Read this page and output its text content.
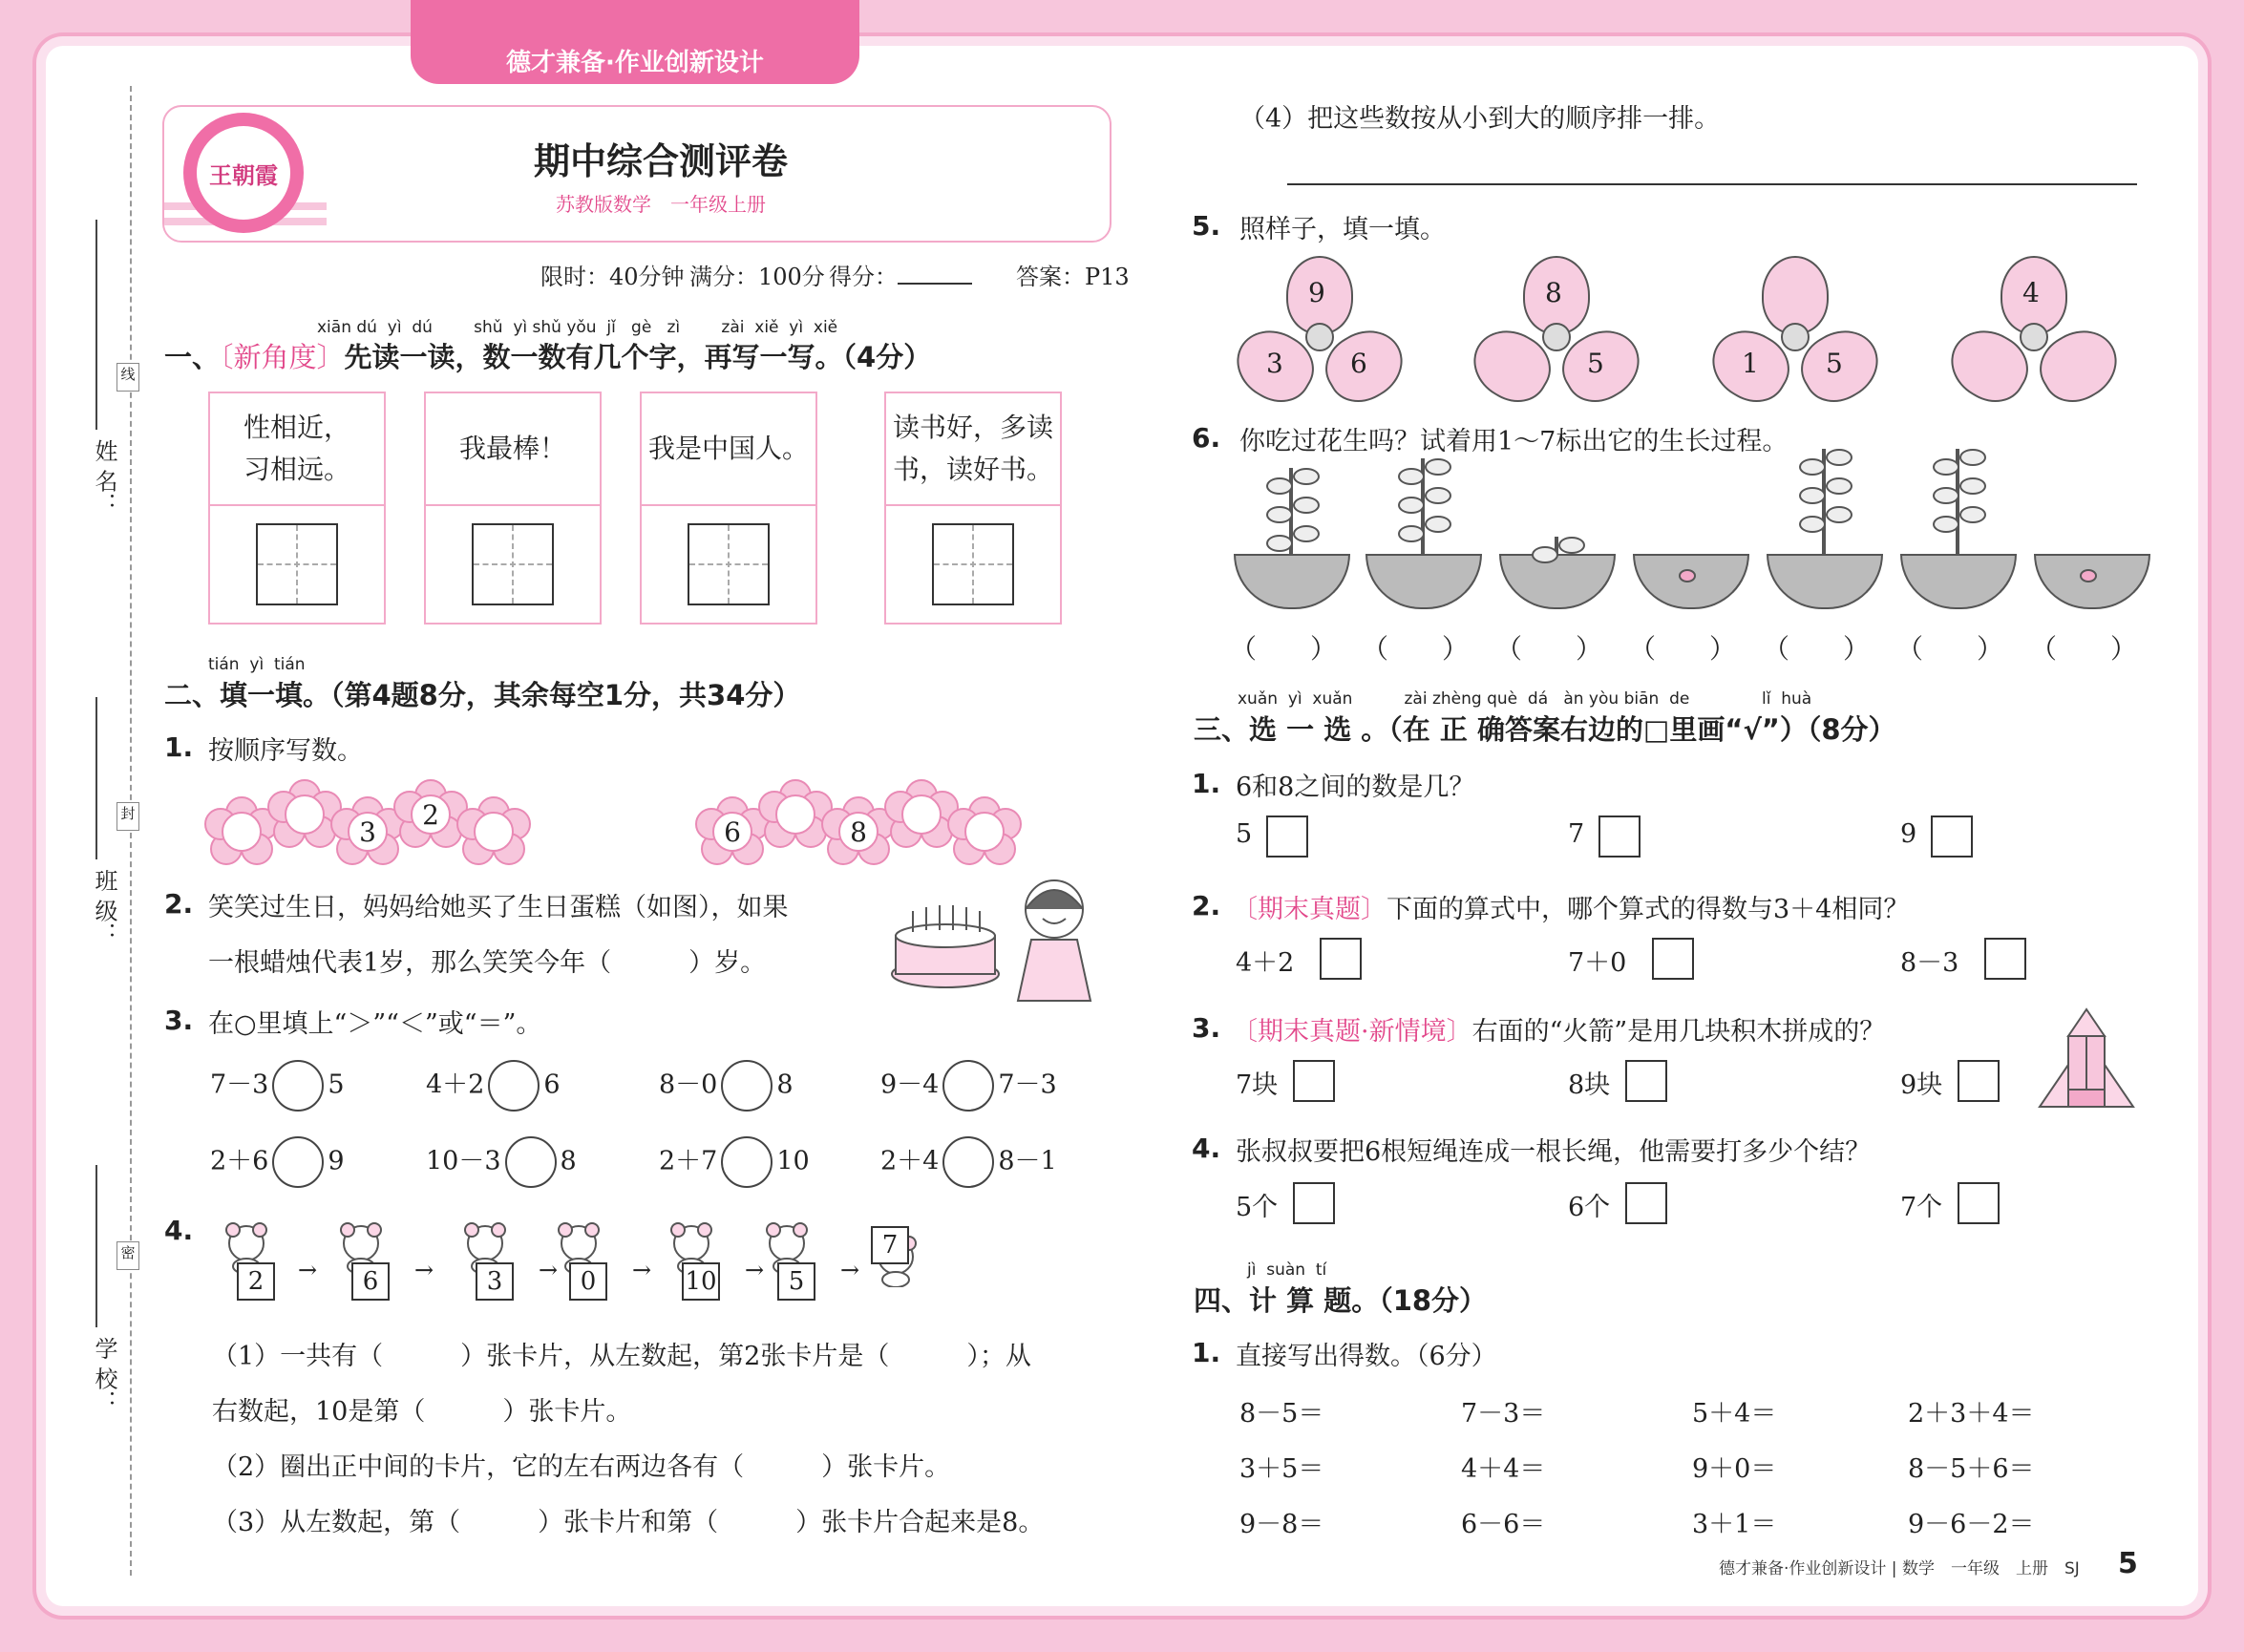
德才兼备·作业创新设计
姓 名：
班 级：
学 校：
线
封
密
王朝霞	期中综合测评卷
苏教版数学　一年级上册
限时：40分钟 满分：100分 得分：	答案：P13
xiān dú  yì  dú        shǔ  yì shǔ yǒu  jǐ   gè   zì        zài  xiě  yì  xiě
一、〔新角度〕先读一读，数一数有几个字，再写一写。（4分）
性相近，
习相远。
我最棒！	我是中国人。
读书好，多读
书，读好书。
tián  yì  tián
二、填一填。（第4题8分，其余每空1分，共34分）
1. 按顺序写数。
2. 笑笑过生日，妈妈给她买了生日蛋糕（如图），如果
一根蜡烛代表1岁，那么笑笑今年（　　　）岁。
3. 在○里填上“＞”“＜”或“＝”。
4.
（1）一共有（　　　）张卡片，从左数起，第2张卡片是（　　　）；从
右数起，10是第（　　　）张卡片。
（2）圈出正中间的卡片，它的左右两边各有（　　　）张卡片。
（3）从左数起，第（　　　）张卡片和第（　　　）张卡片合起来是8。
（4）把这些数按从小到大的顺序排一排。
5. 照样子，填一填。
6. 你吃过花生吗？试着用1～7标出它的生长过程。
xuǎn  yì  xuǎn          zài zhèng què  dá   àn yòu biān  de              lǐ  huà
三、选 一 选 。（在 正 确答案右边的□里画“√”）（8分）
1. 6和8之间的数是几？
2. 〔期末真题〕下面的算式中，哪个算式的得数与3＋4相同？
3. 〔期末真题·新情境〕右面的“火箭”是用几块积木拼成的？
4. 张叔叔要把6根短绳连成一根长绳，他需要打多少个结？
jì  suàn  tí
四、计 算 题。（18分）
1. 直接写出得数。（6分）
德才兼备·作业创新设计 | 数学　一年级　上册　SJ 5
3
2
6	8
7－3 5	4＋2 6	8－0 8	9－4 7－3
2＋6 9	10－3 8	2＋7 10	2＋4 8－1
2	→	6	→	3	→ 0	→ 10 → 5	→
7
9
3	6
8
5	1	5
4
（　　） （　　） （　　） （　　） （　　） （　　） （　　）
5	7	9
4＋2	7＋0	8－3
7块	8块	9块
5个	6个	7个
8－5＝	7－3＝	5＋4＝	2＋3＋4＝
3＋5＝	4＋4＝	9＋0＝	8－5＋6＝
9－8＝	6－6＝	3＋1＝	9－6－2＝
